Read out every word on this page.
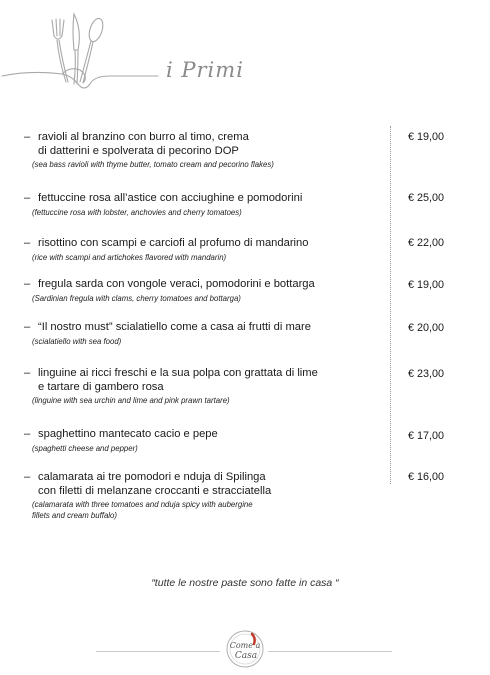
i Primi
– ravioli al branzino con burro al timo, crema
di datterini e spolverata di pecorino DOP
(sea bass ravioli with thyme butter, tomato cream and pecorino flakes)
€ 19,00
– fettuccine rosa all’astice con acciughine e pomodorini
(fettuccine rosa with lobster, anchovies and cherry tomatoes)
€ 25,00
– risottino con scampi e carciofi al profumo di mandarino
(rice with scampi and artichokes flavored with mandarin)
€ 22,00
– fregula sarda con vongole veraci, pomodorini e bottarga
(Sardinian fregula with clams, cherry tomatoes and bottarga)
€ 19,00
– “Il nostro must” scialatiello come a casa ai frutti di mare
(scialatiello with sea food)
€ 20,00
– linguine ai ricci freschi e la sua polpa con grattata di lime
e tartare di gambero rosa
(linguine with sea urchin and lime and pink prawn tartare)
€ 23,00
– spaghettino mantecato cacio e pepe
(spaghetti cheese and pepper)
€ 17,00
– calamarata ai tre pomodori e nduja di Spilinga
con filetti di melanzane croccanti e stracciatella
(calamarata with three tomatoes and nduja spicy with aubergine
fillets and cream buffalo)
€ 16,00
“tutte le nostre paste sono fatte in casa “
Come a
Casa
